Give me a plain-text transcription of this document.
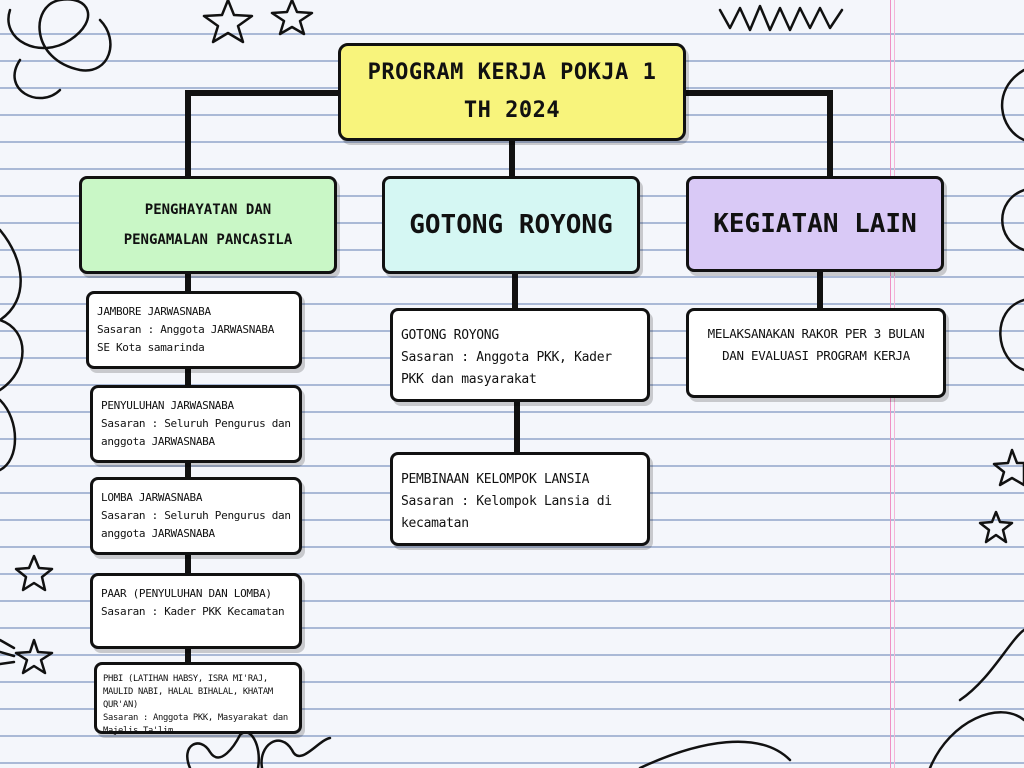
PROGRAM KERJA POKJA 1
TH 2024
PENGHAYATAN DAN
PENGAMALAN PANCASILA	GOTONG ROYONG	KEGIATAN LAIN
JAMBORE JARWASNABA
Sasaran : Anggota JARWASNABA SE Kota samarinda
PENYULUHAN JARWASNABA
Sasaran : Seluruh Pengurus dan anggota JARWASNABA
LOMBA JARWASNABA
Sasaran : Seluruh Pengurus dan anggota JARWASNABA
PAAR (PENYULUHAN DAN LOMBA)
Sasaran : Kader PKK Kecamatan
PHBI (LATIHAN HABSY, ISRA MI'RAJ, MAULID NABI, HALAL BIHALAL, KHATAM QUR'AN)
Sasaran : Anggota PKK, Masyarakat dan Majelis Ta'lim
GOTONG ROYONG
Sasaran : Anggota PKK, Kader PKK dan masyarakat
PEMBINAAN KELOMPOK LANSIA
Sasaran : Kelompok Lansia di kecamatan
MELAKSANAKAN RAKOR PER 3 BULAN DAN EVALUASI PROGRAM KERJA
